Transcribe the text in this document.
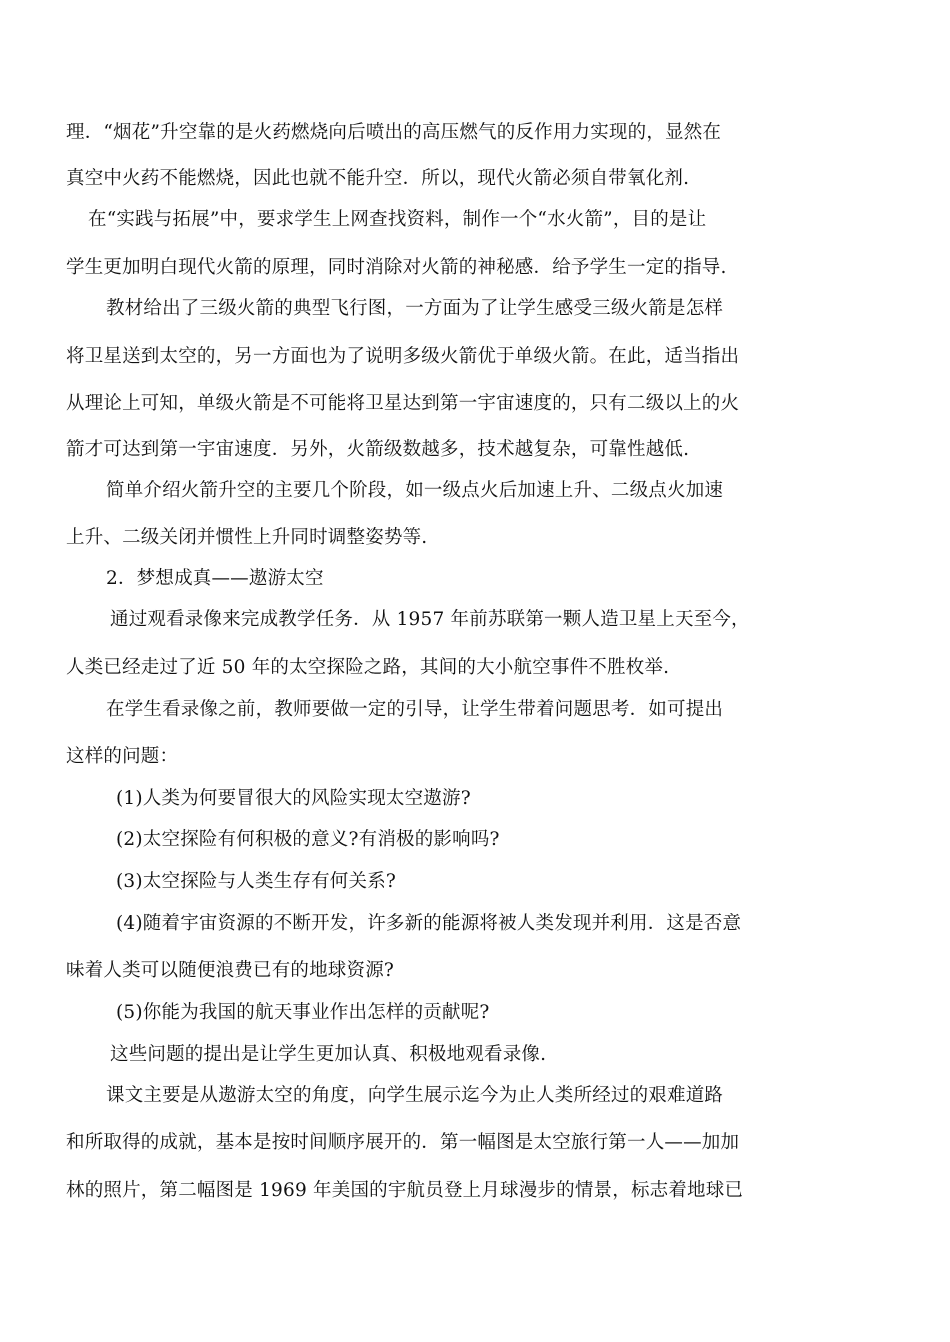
理．“烟花”升空靠的是火药燃烧向后喷出的高压燃气的反作用力实现的，显然在
真空中火药不能燃烧，因此也就不能升空．所以，现代火箭必须自带氧化剂.
在“实践与拓展”中，要求学生上网查找资料，制作一个“水火箭”，目的是让
学生更加明白现代火箭的原理，同时消除对火箭的神秘感．给予学生一定的指导.
教材给出了三级火箭的典型飞行图，一方面为了让学生感受三级火箭是怎样
将卫星送到太空的，另一方面也为了说明多级火箭优于单级火箭。在此，适当指出
从理论上可知，单级火箭是不可能将卫星达到第一宇宙速度的，只有二级以上的火
箭才可达到第一宇宙速度．另外，火箭级数越多，技术越复杂，可靠性越低.
简单介绍火箭升空的主要几个阶段，如一级点火后加速上升、二级点火加速
上升、二级关闭并惯性上升同时调整姿势等.
2．梦想成真——遨游太空
通过观看录像来完成教学任务．从 1957 年前苏联第一颗人造卫星上天至今，
人类已经走过了近 50 年的太空探险之路，其间的大小航空事件不胜枚举.
在学生看录像之前，教师要做一定的引导，让学生带着问题思考．如可提出
这样的问题：
(1)人类为何要冒很大的风险实现太空遨游?
(2)太空探险有何积极的意义?有消极的影响吗?
(3)太空探险与人类生存有何关系?
(4)随着宇宙资源的不断开发，许多新的能源将被人类发现并利用．这是否意
味着人类可以随便浪费已有的地球资源?
(5)你能为我国的航天事业作出怎样的贡献呢?
这些问题的提出是让学生更加认真、积极地观看录像.
课文主要是从遨游太空的角度，向学生展示迄今为止人类所经过的艰难道路
和所取得的成就，基本是按时间顺序展开的．第一幅图是太空旅行第一人——加加
林的照片，第二幅图是 1969 年美国的宇航员登上月球漫步的情景，标志着地球已
